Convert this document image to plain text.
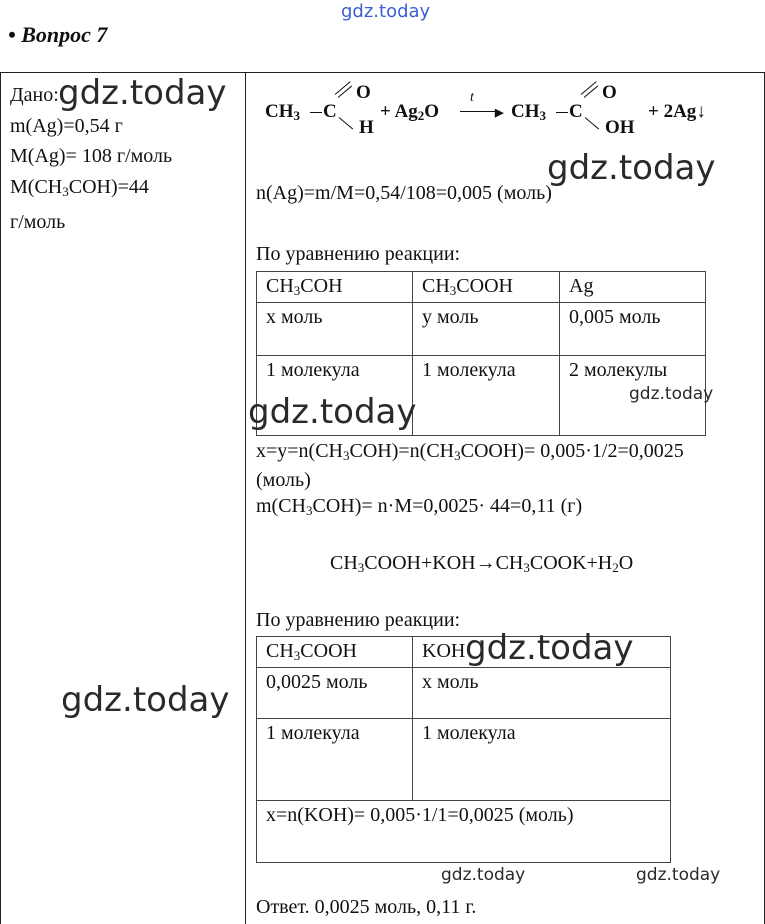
gdz.today
• Вопрос 7
Дано:
m(Ag)=0,54 г
M(Ag)= 108 г/моль
$M(CH_3COH)=44$
г/моль
$CH_3$ C
O
H
+ $Ag_2O$
t
▶ $CH_3$ C
O
OH
+ 2Ag↓
n(Ag)=m/M=0,54/108=0,005 (моль)
По уравнению реакции:
$CH_3COH$	$CH_3COOH$	Ag
x моль	y моль	0,005 моль
1 молекула	1 молекула	2 молекулы
$x=y=n(CH_3COH)=n(CH_3COOH)= 0,005\cdot 1/2=0,0025$
(моль)
$m(CH_3COH)= n\cdot M=0,0025\cdot 44=0,11$ (г)
$CH_3COOH+KOH\to CH_3COOK+H_2O$
По уравнению реакции:
$CH_3COOH$	KOH
0,0025 моль	x моль
1 молекула	1 молекула
x=n(KOH)= 0,005·1/1=0,0025 (моль)	
Ответ. 0,0025 моль, 0,11 г.
gdz.today
gdz.today
gdz.today
gdz.today
gdz.today
gdz.today
gdz.today	gdz.today
